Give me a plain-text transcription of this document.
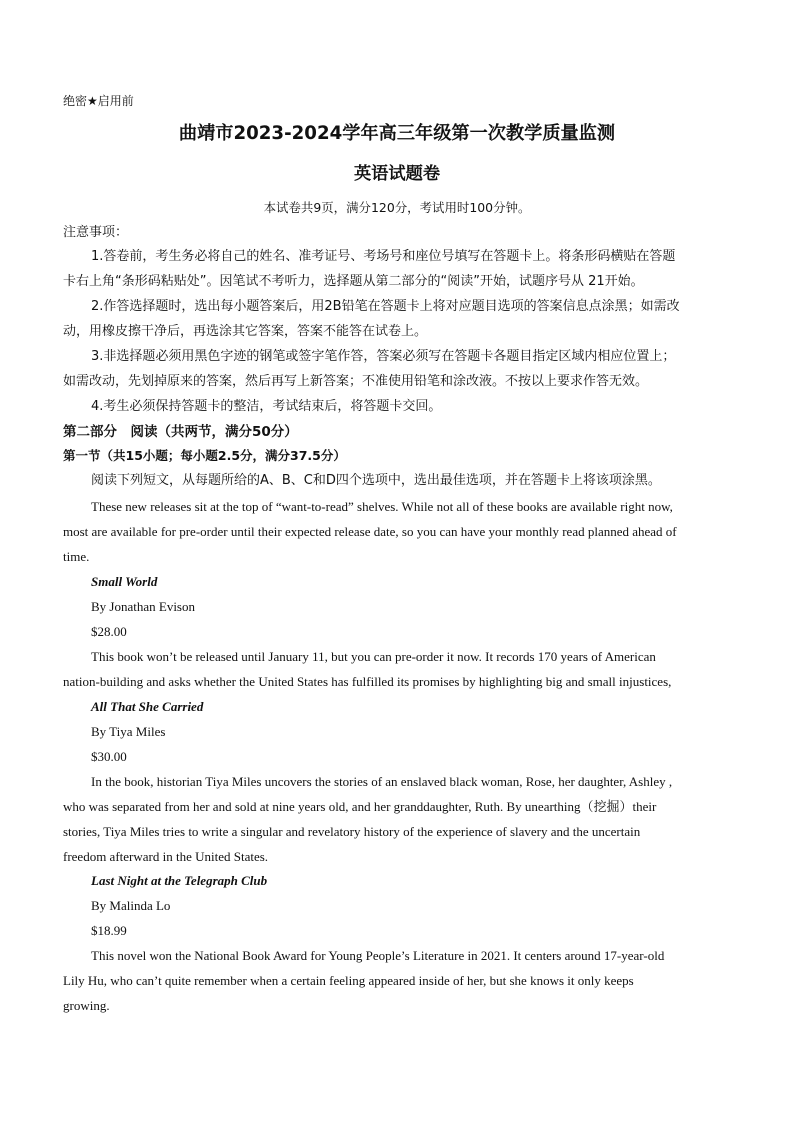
绝密★启用前
曲靖市2023-2024学年高三年级第一次教学质量监测
英语试题卷
本试卷共9页，满分120分，考试用时100分钟。
注意事项：
1.答卷前，考生务必将自己的姓名、准考证号、考场号和座位号填写在答题卡上。将条形码横贴在答题
卡右上角“条形码粘贴处”。因笔试不考听力，选择题从第二部分的“阅读”开始，试题序号从 21开始。
2.作答选择题时，选出每小题答案后，用2B铅笔在答题卡上将对应题目选项的答案信息点涂黑；如需改
动，用橡皮擦干净后，再选涂其它答案，答案不能答在试卷上。
3.非选择题必须用黑色字迹的钢笔或签字笔作答，答案必须写在答题卡各题目指定区域内相应位置上；
如需改动，先划掉原来的答案，然后再写上新答案；不准使用铅笔和涂改液。不按以上要求作答无效。
4.考生必须保持答题卡的整洁，考试结束后，将答题卡交回。
第二部分　阅读（共两节，满分50分）
第一节（共15小题；每小题2.5分，满分37.5分）
阅读下列短文，从每题所给的A、B、C和D四个选项中，选出最佳选项，并在答题卡上将该项涂黑。
These new releases sit at the top of “want-to-read” shelves. While not all of these books are available right now,
most are available for pre-order until their expected release date, so you can have your monthly read planned ahead of
time.
Small World
By Jonathan Evison
$28.00
This book won’t be released until January 11, but you can pre-order it now. It records 170 years of American
nation-building and asks whether the United States has fulfilled its promises by highlighting big and small injustices,
All That She Carried
By Tiya Miles
$30.00
In the book, historian Tiya Miles uncovers the stories of an enslaved black woman, Rose, her daughter, Ashley ,
who was separated from her and sold at nine years old, and her granddaughter, Ruth. By unearthing（挖掘）their
stories, Tiya Miles tries to write a singular and revelatory history of the experience of slavery and the uncertain
freedom afterward in the United States.
Last Night at the Telegraph Club
By Malinda Lo
$18.99
This novel won the National Book Award for Young People’s Literature in 2021. It centers around 17-year-old
Lily Hu, who can’t quite remember when a certain feeling appeared inside of her, but she knows it only keeps
growing.
